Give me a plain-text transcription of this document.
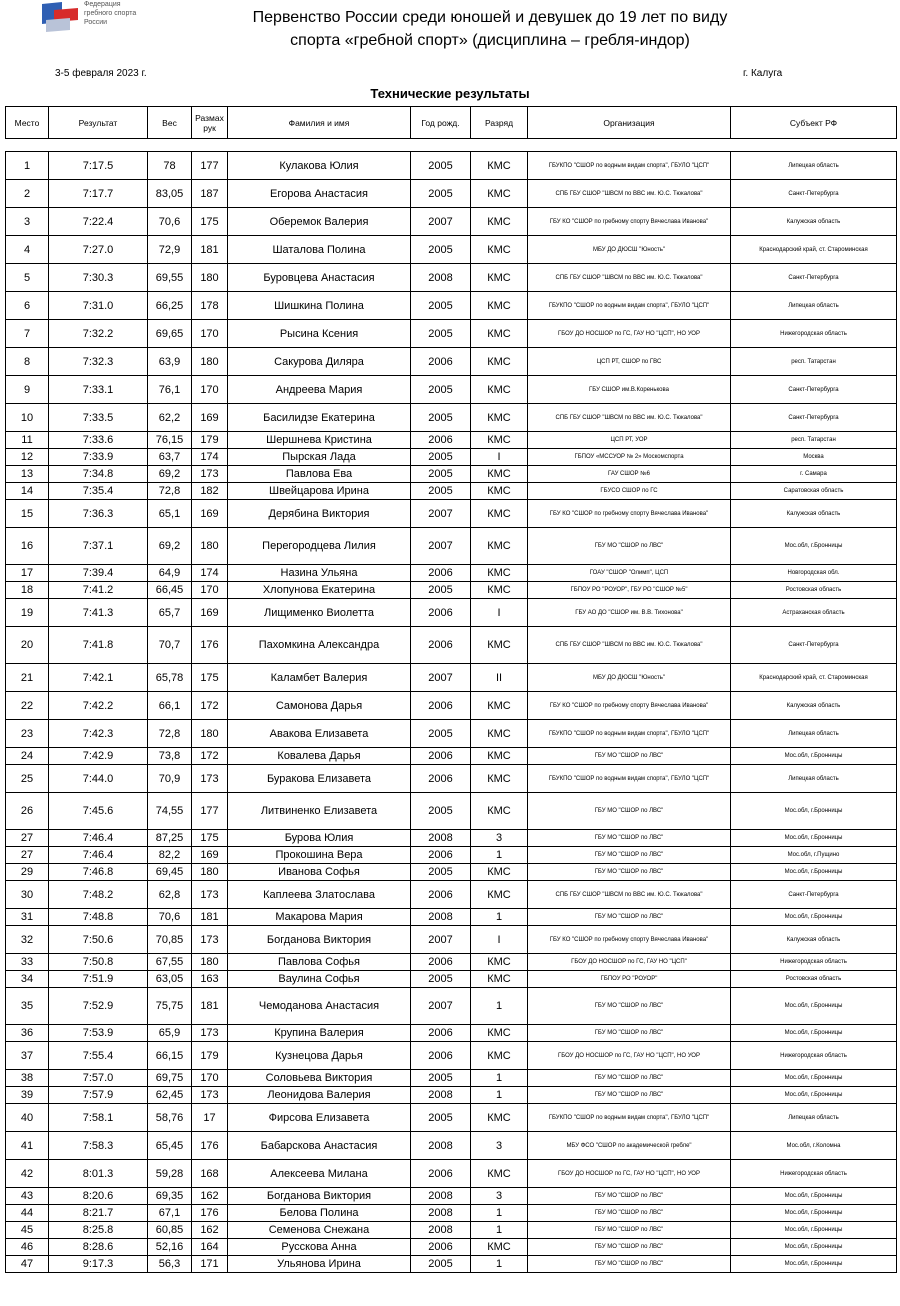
Федерация
гребного спорта
России	Первенство России среди юношей и девушек до 19 лет по виду
спорта «гребной спорт» (дисциплина – гребля-индор)
3-5 февраля 2023 г.	г. Калуга
Технические результаты
Место	Результат	Вес	Размах рук	Фамилия и имя	Год рожд.	Разряд	Организация	Субъект РФ
1	7:17.5	78	177	Кулакова Юлия	2005	КМС	ГБУКПО "СШОР по водным видам спорта", ГБУЛО "ЦСП"	Липецкая область
2	7:17.7	83,05	187	Егорова Анастасия	2005	КМС	СПБ ГБУ СШОР "ШВСМ по ВВС им. Ю.С. Тюкалова"	Санкт-Петербурга
3	7:22.4	70,6	175	Оберемок Валерия	2007	КМС	ГБУ КО "СШОР по гребному спорту Вячеслава Иванова"	Калужская область
4	7:27.0	72,9	181	Шаталова Полина	2005	КМС	МБУ ДО ДЮСШ "Юность"	Краснодарский край, ст. Староминская
5	7:30.3	69,55	180	Буровцева Анастасия	2008	КМС	СПБ ГБУ СШОР "ШВСМ по ВВС им. Ю.С. Тюкалова"	Санкт-Петербурга
6	7:31.0	66,25	178	Шишкина Полина	2005	КМС	ГБУКПО "СШОР по водным видам спорта", ГБУЛО "ЦСП"	Липецкая область
7	7:32.2	69,65	170	Рысина Ксения	2005	КМС	ГБОУ ДО НОСШОР по ГС, ГАУ НО "ЦСП", НО УОР	Нижегородская область
8	7:32.3	63,9	180	Сакурова Диляра	2006	КМС	ЦСП РТ, СШОР по ГВС	респ. Татарстан
9	7:33.1	76,1	170	Андреева Мария	2005	КМС	ГБУ СШОР им.В.Коренькова	Санкт-Петербурга
10	7:33.5	62,2	169	Басилидзе Екатерина	2005	КМС	СПБ ГБУ СШОР "ШВСМ по ВВС им. Ю.С. Тюкалова"	Санкт-Петербурга
11	7:33.6	76,15	179	Шершнева Кристина	2006	КМС	ЦСП РТ, УОР	респ. Татарстан
12	7:33.9	63,7	174	Пырская Лада	2005	I	ГБПОУ «МССУОР № 2» Москомспорта	Москва
13	7:34.8	69,2	173	Павлова Ева	2005	КМС	ГАУ СШОР №6	г. Самара
14	7:35.4	72,8	182	Швейцарова Ирина	2005	КМС	ГБУСО СШОР по ГС	Саратовская область
15	7:36.3	65,1	169	Дерябина Виктория	2007	КМС	ГБУ КО "СШОР по гребному спорту Вячеслава Иванова"	Калужская область
16	7:37.1	69,2	180	Перегородцева Лилия	2007	КМС	ГБУ МО "СШОР по ЛВС"	Мос.обл, г.Бронницы
17	7:39.4	64,9	174	Назина Ульяна	2006	КМС	ГОАУ "СШОР "Олимп", ЦСП	Новгородская обл.
18	7:41.2	66,45	170	Хлопунова Екатерина	2005	КМС	ГБПОУ РО "РОУОР", ГБУ РО "СШОР №5"	Ростовская область
19	7:41.3	65,7	169	Лищименко Виолетта	2006	I	ГБУ АО ДО "СШОР им. В.В. Тихонова"	Астраханская область
20	7:41.8	70,7	176	Пахомкина Александра	2006	КМС	СПБ ГБУ СШОР "ШВСМ по ВВС им. Ю.С. Тюкалова"	Санкт-Петербурга
21	7:42.1	65,78	175	Каламбет Валерия	2007	II	МБУ ДО ДЮСШ "Юность"	Краснодарский край, ст. Староминская
22	7:42.2	66,1	172	Самонова Дарья	2006	КМС	ГБУ КО "СШОР по гребному спорту Вячеслава Иванова"	Калужская область
23	7:42.3	72,8	180	Авакова Елизавета	2005	КМС	ГБУКПО "СШОР по водным видам спорта", ГБУЛО "ЦСП"	Липецкая область
24	7:42.9	73,8	172	Ковалева Дарья	2006	КМС	ГБУ МО "СШОР по ЛВС"	Мос.обл, г.Бронницы
25	7:44.0	70,9	173	Буракова Елизавета	2006	КМС	ГБУКПО "СШОР по водным видам спорта", ГБУЛО "ЦСП"	Липецкая область
26	7:45.6	74,55	177	Литвиненко Елизавета	2005	КМС	ГБУ МО "СШОР по ЛВС"	Мос.обл, г.Бронницы
27	7:46.4	87,25	175	Бурова Юлия	2008	3	ГБУ МО "СШОР по ЛВС"	Мос.обл, г.Бронницы
27	7:46.4	82,2	169	Прокошина Вера	2006	1	ГБУ МО "СШОР по ЛВС"	Мос.обл, г.Пущино
29	7:46.8	69,45	180	Иванова Софья	2005	КМС	ГБУ МО "СШОР по ЛВС"	Мос.обл, г.Бронницы
30	7:48.2	62,8	173	Каплеева Златослава	2006	КМС	СПБ ГБУ СШОР "ШВСМ по ВВС им. Ю.С. Тюкалова"	Санкт-Петербурга
31	7:48.8	70,6	181	Макарова Мария	2008	1	ГБУ МО "СШОР по ЛВС"	Мос.обл, г.Бронницы
32	7:50.6	70,85	173	Богданова Виктория	2007	I	ГБУ КО "СШОР по гребному спорту Вячеслава Иванова"	Калужская область
33	7:50.8	67,55	180	Павлова Софья	2006	КМС	ГБОУ ДО НОСШОР по ГС, ГАУ НО "ЦСП"	Нижегородская область
34	7:51.9	63,05	163	Ваулина Софья	2005	КМС	ГБПОУ РО "РОУОР"	Ростовская область
35	7:52.9	75,75	181	Чемоданова Анастасия	2007	1	ГБУ МО "СШОР по ЛВС"	Мос.обл, г.Бронницы
36	7:53.9	65,9	173	Крупина Валерия	2006	КМС	ГБУ МО "СШОР по ЛВС"	Мос.обл, г.Бронницы
37	7:55.4	66,15	179	Кузнецова Дарья	2006	КМС	ГБОУ ДО НОСШОР по ГС, ГАУ НО "ЦСП", НО УОР	Нижегородская область
38	7:57.0	69,75	170	Соловьева Виктория	2005	1	ГБУ МО "СШОР по ЛВС"	Мос.обл, г.Бронницы
39	7:57.9	62,45	173	Леонидова Валерия	2008	1	ГБУ МО "СШОР по ЛВС"	Мос.обл, г.Бронницы
40	7:58.1	58,76	17	Фирсова Елизавета	2005	КМС	ГБУКПО "СШОР по водным видам спорта", ГБУЛО "ЦСП"	Липецкая область
41	7:58.3	65,45	176	Бабарскова Анастасия	2008	3	МБУ ФСО "СШОР по академической гребле"	Мос.обл, г.Коломна
42	8:01.3	59,28	168	Алексеева Милана	2006	КМС	ГБОУ ДО НОСШОР по ГС, ГАУ НО "ЦСП", НО УОР	Нижегородская область
43	8:20.6	69,35	162	Богданова Виктория	2008	3	ГБУ МО "СШОР по ЛВС"	Мос.обл, г.Бронницы
44	8:21.7	67,1	176	Белова Полина	2008	1	ГБУ МО "СШОР по ЛВС"	Мос.обл, г.Бронницы
45	8:25.8	60,85	162	Семенова Снежана	2008	1	ГБУ МО "СШОР по ЛВС"	Мос.обл, г.Бронницы
46	8:28.6	52,16	164	Русскова Анна	2006	КМС	ГБУ МО "СШОР по ЛВС"	Мос.обл, г.Бронницы
47	9:17.3	56,3	171	Ульянова Ирина	2005	1	ГБУ МО "СШОР по ЛВС"	Мос.обл, г.Бронницы
